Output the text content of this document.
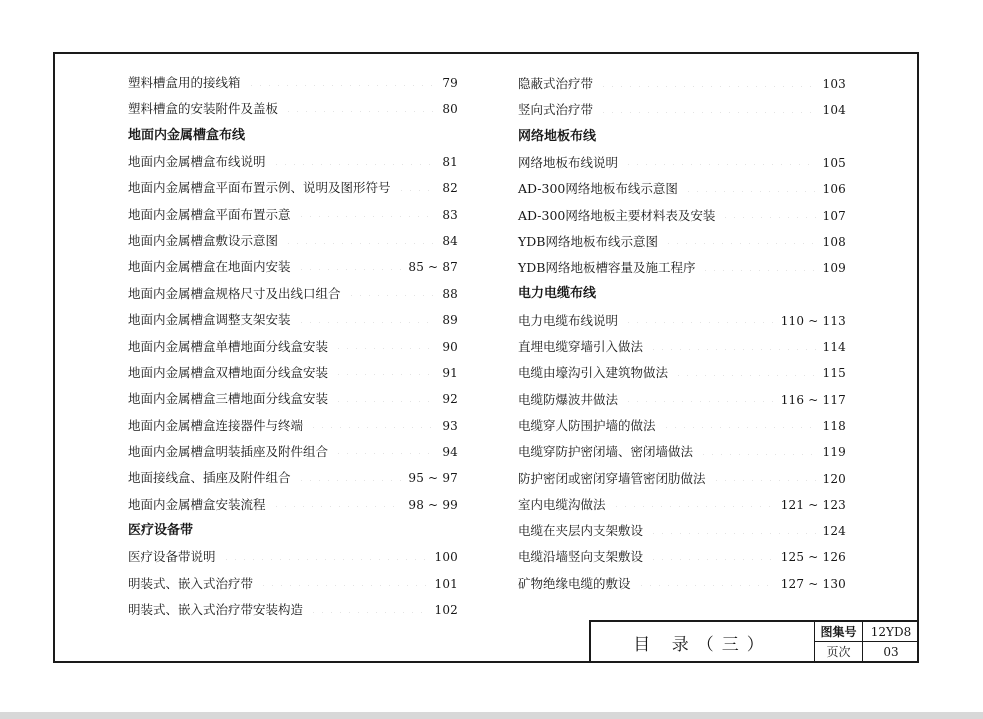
塑料槽盒用的接线箱	79
塑料槽盒的安装附件及盖板	80
地面内金属槽盒布线
地面内金属槽盒布线说明	81
地面内金属槽盒平面布置示例、说明及图形符号	82
地面内金属槽盒平面布置示意	83
地面内金属槽盒敷设示意图	84
地面内金属槽盒在地面内安装	85 ~ 87
地面内金属槽盒规格尺寸及出线口组合	88
地面内金属槽盒调整支架安装	89
地面内金属槽盒单槽地面分线盒安装	90
地面内金属槽盒双槽地面分线盒安装	91
地面内金属槽盒三槽地面分线盒安装	92
地面内金属槽盒连接器件与终端	93
地面内金属槽盒明装插座及附件组合	94
地面接线盒、插座及附件组合	95 ~ 97
地面内金属槽盒安装流程	98 ~ 99
医疗设备带
医疗设备带说明	100
明装式、嵌入式治疗带	101
明装式、嵌入式治疗带安装构造	102
隐蔽式治疗带	103
竖向式治疗带	104
网络地板布线
网络地板布线说明	105
AD-300网络地板布线示意图	106
AD-300网络地板主要材料表及安装	107
YDB网络地板布线示意图	108
YDB网络地板槽容量及施工程序	109
电力电缆布线
电力电缆布线说明	110 ~ 113
直埋电缆穿墙引入做法	114
电缆由壕沟引入建筑物做法	115
电缆防爆波井做法	116 ~ 117
电缆穿人防围护墙的做法	118
电缆穿防护密闭墙、密闭墙做法	119
防护密闭或密闭穿墙管密闭肋做法	120
室内电缆沟做法	121 ~ 123
电缆在夹层内支架敷设	124
电缆沿墙竖向支架敷设	125 ~ 126
矿物绝缘电缆的敷设	127 ~ 130
目 录（三）
图集号	12YD8
页次	03
